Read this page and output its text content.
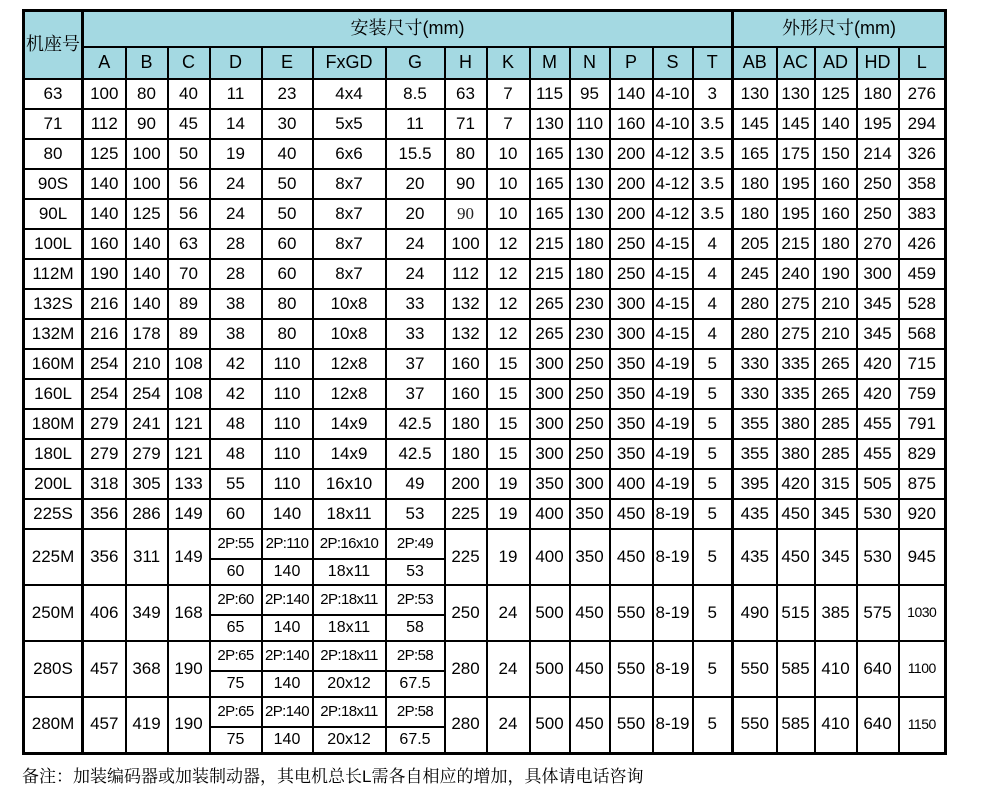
机座号	安装尺寸(mm)														外形尺寸(mm)				
	A	B	C	D	E	FxGD	G	H	K	M	N	P	S	T	AB	AC	AD	HD	L
63	100	80	40	11	23	4x4	8.5	63	7	115	95	140	4-10	3	130	130	125	180	276
71	112	90	45	14	30	5x5	11	71	7	130	110	160	4-10	3.5	145	145	140	195	294
80	125	100	50	19	40	6x6	15.5	80	10	165	130	200	4-12	3.5	165	175	150	214	326
90S	140	100	56	24	50	8x7	20	90	10	165	130	200	4-12	3.5	180	195	160	250	358
90L	140	125	56	24	50	8x7	20	90	10	165	130	200	4-12	3.5	180	195	160	250	383
100L	160	140	63	28	60	8x7	24	100	12	215	180	250	4-15	4	205	215	180	270	426
112M	190	140	70	28	60	8x7	24	112	12	215	180	250	4-15	4	245	240	190	300	459
132S	216	140	89	38	80	10x8	33	132	12	265	230	300	4-15	4	280	275	210	345	528
132M	216	178	89	38	80	10x8	33	132	12	265	230	300	4-15	4	280	275	210	345	568
160M	254	210	108	42	110	12x8	37	160	15	300	250	350	4-19	5	330	335	265	420	715
160L	254	254	108	42	110	12x8	37	160	15	300	250	350	4-19	5	330	335	265	420	759
180M	279	241	121	48	110	14x9	42.5	180	15	300	250	350	4-19	5	355	380	285	455	791
180L	279	279	121	48	110	14x9	42.5	180	15	300	250	350	4-19	5	355	380	285	455	829
200L	318	305	133	55	110	16x10	49	200	19	350	300	400	4-19	5	395	420	315	505	875
225S	356	286	149	60	140	18x11	53	225	19	400	350	450	8-19	5	435	450	345	530	920
225M	356	311	149	2P:55	2P:110	2P:16x10	2P:49	225	19	400	350	450	8-19	5	435	450	345	530	945
				60	140	18x11	53												
250M	406	349	168	2P:60	2P:140	2P:18x11	2P:53	250	24	500	450	550	8-19	5	490	515	385	575	1030
				65	140	18x11	58												
280S	457	368	190	2P:65	2P:140	2P:18x11	2P:58	280	24	500	450	550	8-19	5	550	585	410	640	1100
				75	140	20x12	67.5												
280M	457	419	190	2P:65	2P:140	2P:18x11	2P:58	280	24	500	450	550	8-19	5	550	585	410	640	1150
				75	140	20x12	67.5												
备注：加装编码器或加装制动器，其电机总长L需各自相应的增加，具体请电话咨询
